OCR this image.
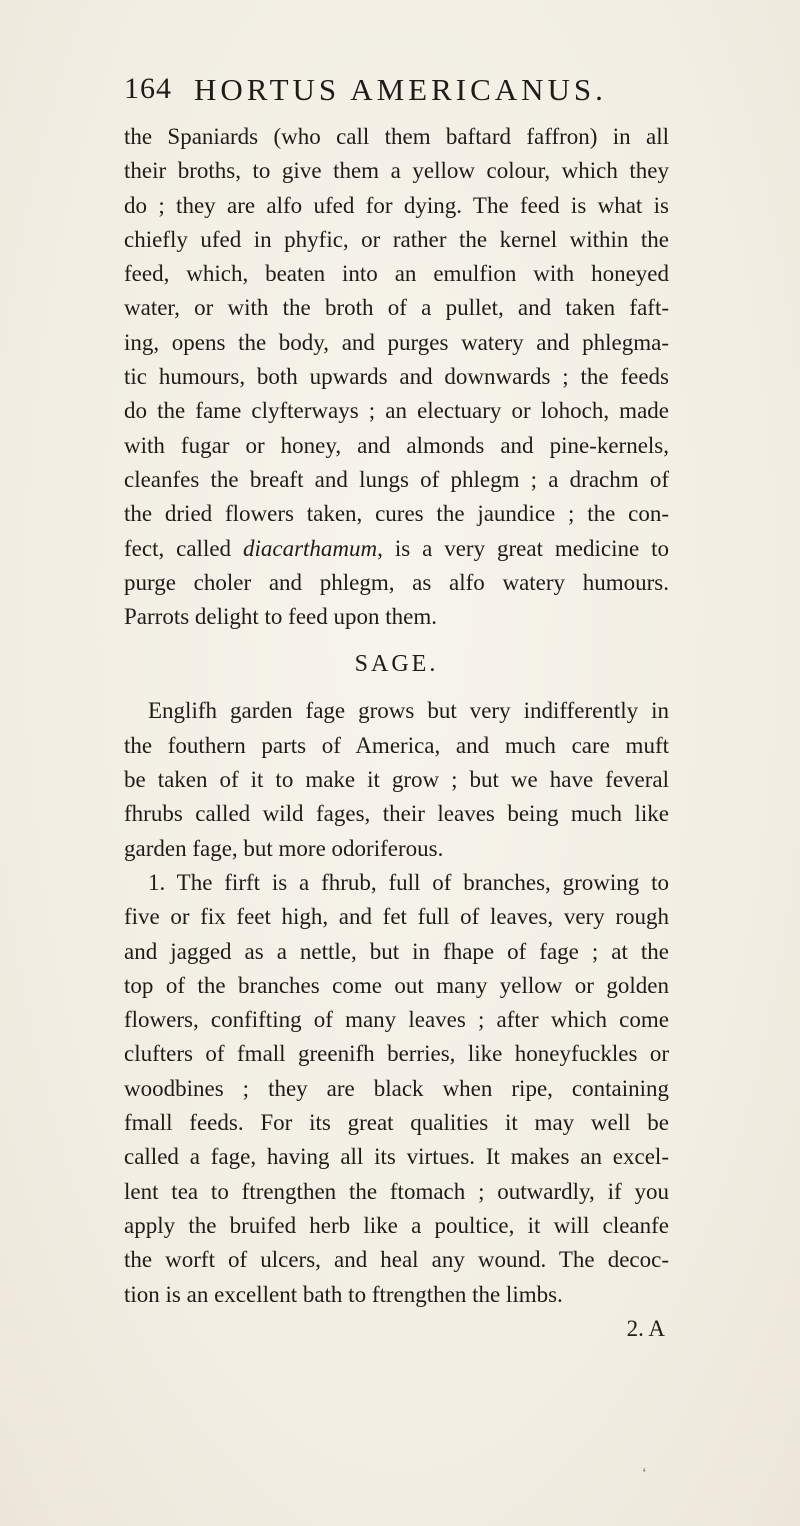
164 HORTUS AMERICANUS.
the Spaniards (who call them baftard faffron) in all
their broths, to give them a yellow colour, which they
do ; they are alfo ufed for dying. The feed is what is
chiefly ufed in phyfic, or rather the kernel within the
feed, which, beaten into an emulfion with honeyed
water, or with the broth of a pullet, and taken faft-
ing, opens the body, and purges watery and phlegma-
tic humours, both upwards and downwards ; the feeds
do the fame clyfterways ; an electuary or lohoch, made
with fugar or honey, and almonds and pine-kernels,
cleanfes the breaft and lungs of phlegm ; a drachm of
the dried flowers taken, cures the jaundice ; the con-
fect, called diacarthamum, is a very great medicine to
purge choler and phlegm, as alfo watery humours.
Parrots delight to feed upon them.
SAGE.
Englifh garden fage grows but very indifferently in
the fouthern parts of America, and much care muft
be taken of it to make it grow ; but we have feveral
fhrubs called wild fages, their leaves being much like
garden fage, but more odoriferous.
1. The firft is a fhrub, full of branches, growing to
five or fix feet high, and fet full of leaves, very rough
and jagged as a nettle, but in fhape of fage ; at the
top of the branches come out many yellow or golden
flowers, confifting of many leaves ; after which come
clufters of fmall greenifh berries, like honeyfuckles or
woodbines ; they are black when ripe, containing
fmall feeds. For its great qualities it may well be
called a fage, having all its virtues. It makes an excel-
lent tea to ftrengthen the ftomach ; outwardly, if you
apply the bruifed herb like a poultice, it will cleanfe
the worft of ulcers, and heal any wound. The decoc-
tion is an excellent bath to ftrengthen the limbs.
2. A
ʻ
